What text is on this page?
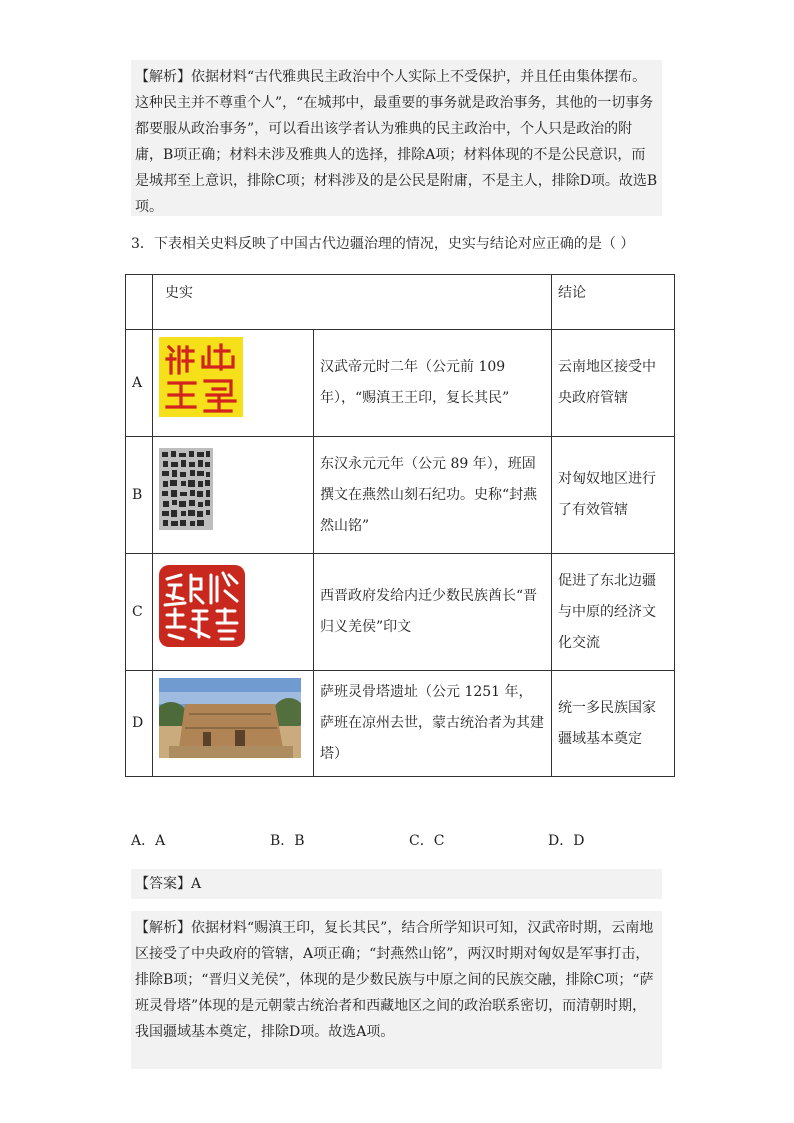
【解析】依据材料“古代雅典民主政治中个人实际上不受保护，并且任由集体摆布。这种民主并不尊重个人”，“在城邦中，最重要的事务就是政治事务，其他的一切事务都要服从政治事务”，可以看出该学者认为雅典的民主政治中，个人只是政治的附庸，B项正确；材料未涉及雅典人的选择，排除A项；材料体现的不是公民意识，而是城邦至上意识，排除C项；材料涉及的是公民是附庸，不是主人，排除D项。故选B项。
3．下表相关史料反映了中国古代边疆治理的情况，史实与结论对应正确的是（ ）
	史实		结论
A		汉武帝元时二年（公元前 109 年），“赐滇王王印，复长其民”	云南地区接受中央政府管辖
B		东汉永元元年（公元 89 年），班固撰文在燕然山刻石纪功。史称“封燕然山铭”	对匈奴地区进行了有效管辖
C		西晋政府发给内迁少数民族酋长“晋归义羌侯”印文	促进了东北边疆与中原的经济文化交流
D		萨班灵骨塔遗址（公元 1251 年，萨班在凉州去世，蒙古统治者为其建塔）	统一多民族国家疆域基本奠定
A．A	B．B	C．C	D．D
【答案】A
【解析】依据材料“赐滇王印，复长其民”，结合所学知识可知，汉武帝时期，云南地区接受了中央政府的管辖，A项正确；“封燕然山铭”，两汉时期对匈奴是军事打击，排除B项；“晋归义羌侯”，体现的是少数民族与中原之间的民族交融，排除C项；“萨班灵骨塔”体现的是元朝蒙古统治者和西藏地区之间的政治联系密切，而清朝时期，我国疆域基本奠定，排除D项。故选A项。
